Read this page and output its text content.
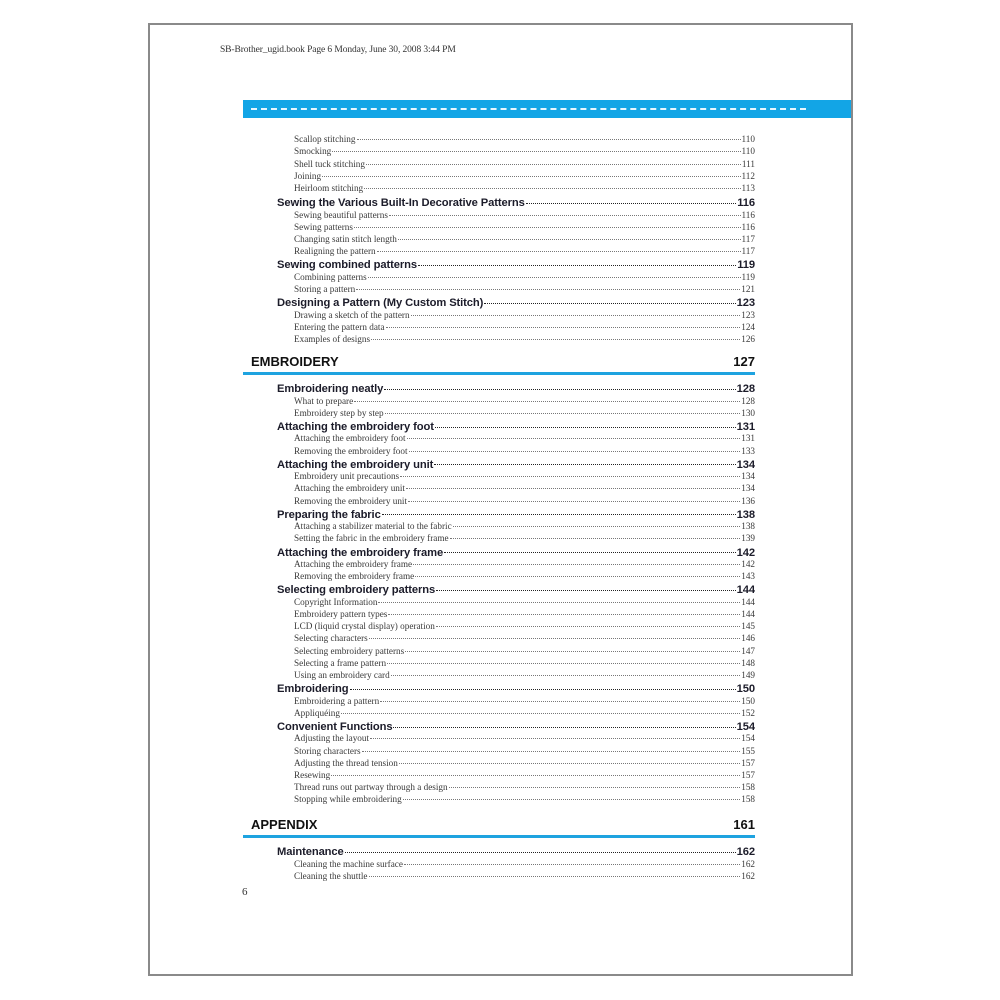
SB-Brother_ugid.book Page 6 Monday, June 30, 2008 3:44 PM
Scallop stitching	110
Smocking	110
Shell tuck stitching	111
Joining	112
Heirloom stitching	113
Sewing the Various Built-In Decorative Patterns	116
Sewing beautiful patterns	116
Sewing patterns	116
Changing satin stitch length	117
Realigning the pattern	117
Sewing combined patterns	119
Combining patterns	119
Storing a pattern	121
Designing a Pattern (My Custom Stitch)	123
Drawing a sketch of the pattern	123
Entering the pattern data	124
Examples of designs	126
EMBROIDERY	127
Embroidering neatly	128
What to prepare	128
Embroidery step by step	130
Attaching the embroidery foot	131
Attaching the embroidery foot	131
Removing the embroidery foot	133
Attaching the embroidery unit	134
Embroidery unit precautions	134
Attaching the embroidery unit	134
Removing the embroidery unit	136
Preparing the fabric	138
Attaching a stabilizer material to the fabric	138
Setting the fabric in the embroidery frame	139
Attaching the embroidery frame	142
Attaching the embroidery frame	142
Removing the embroidery frame	143
Selecting embroidery patterns	144
Copyright Information	144
Embroidery pattern types	144
LCD (liquid crystal display) operation	145
Selecting characters	146
Selecting embroidery patterns	147
Selecting a frame pattern	148
Using an embroidery card	149
Embroidering	150
Embroidering a pattern	150
Appliquéing	152
Convenient Functions	154
Adjusting the layout	154
Storing characters	155
Adjusting the thread tension	157
Resewing	157
Thread runs out partway through a design	158
Stopping while embroidering	158
APPENDIX	161
Maintenance	162
Cleaning the machine surface	162
Cleaning the shuttle	162
6
